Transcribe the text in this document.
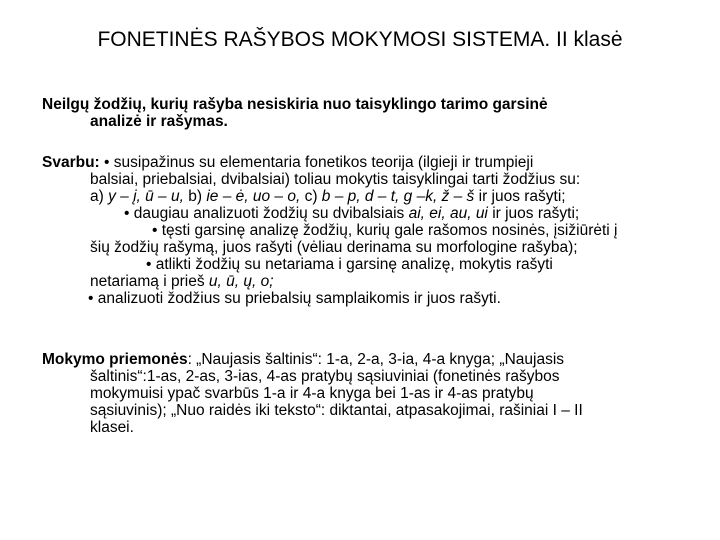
FONETINĖS RAŠYBOS MOKYMOSI SISTEMA. II klasė
Neilgų žodžių, kurių rašyba nesiskiria nuo taisyklingo tarimo garsinė
analizė ir rašymas.
Svarbu: • susipažinus su elementaria fonetikos teorija (ilgieji ir trumpieji
balsiai, priebalsiai, dvibalsiai) toliau mokytis taisyklingai tarti žodžius su:
a) y – į, ū – u, b) ie – ė, uo – o, c) b – p, d – t, g –k, ž – š ir juos rašyti;
• daugiau analizuoti žodžių su dvibalsiais ai, ei, au, ui ir juos rašyti;
• tęsti garsinę analizę žodžių, kurių gale rašomos nosinės, įsižiūrėti į
šių žodžių rašymą, juos rašyti (vėliau derinama su morfologine rašyba);
• atlikti žodžių su netariama i garsinę analizę, mokytis rašyti
netariamą i prieš u, ū, ų, o;
• analizuoti žodžius su priebalsių samplaikomis ir juos rašyti.
Mokymo priemonės: „Naujasis šaltinis“: 1-a, 2-a, 3-ia, 4-a knyga; „Naujasis
šaltinis“:1-as, 2-as, 3-ias, 4-as pratybų sąsiuviniai (fonetinės rašybos
mokymuisi ypač svarbūs 1-a ir 4-a knyga bei 1-as ir 4-as pratybų
sąsiuvinis); „Nuo raidės iki teksto“: diktantai, atpasakojimai, rašiniai I – II
klasei.
